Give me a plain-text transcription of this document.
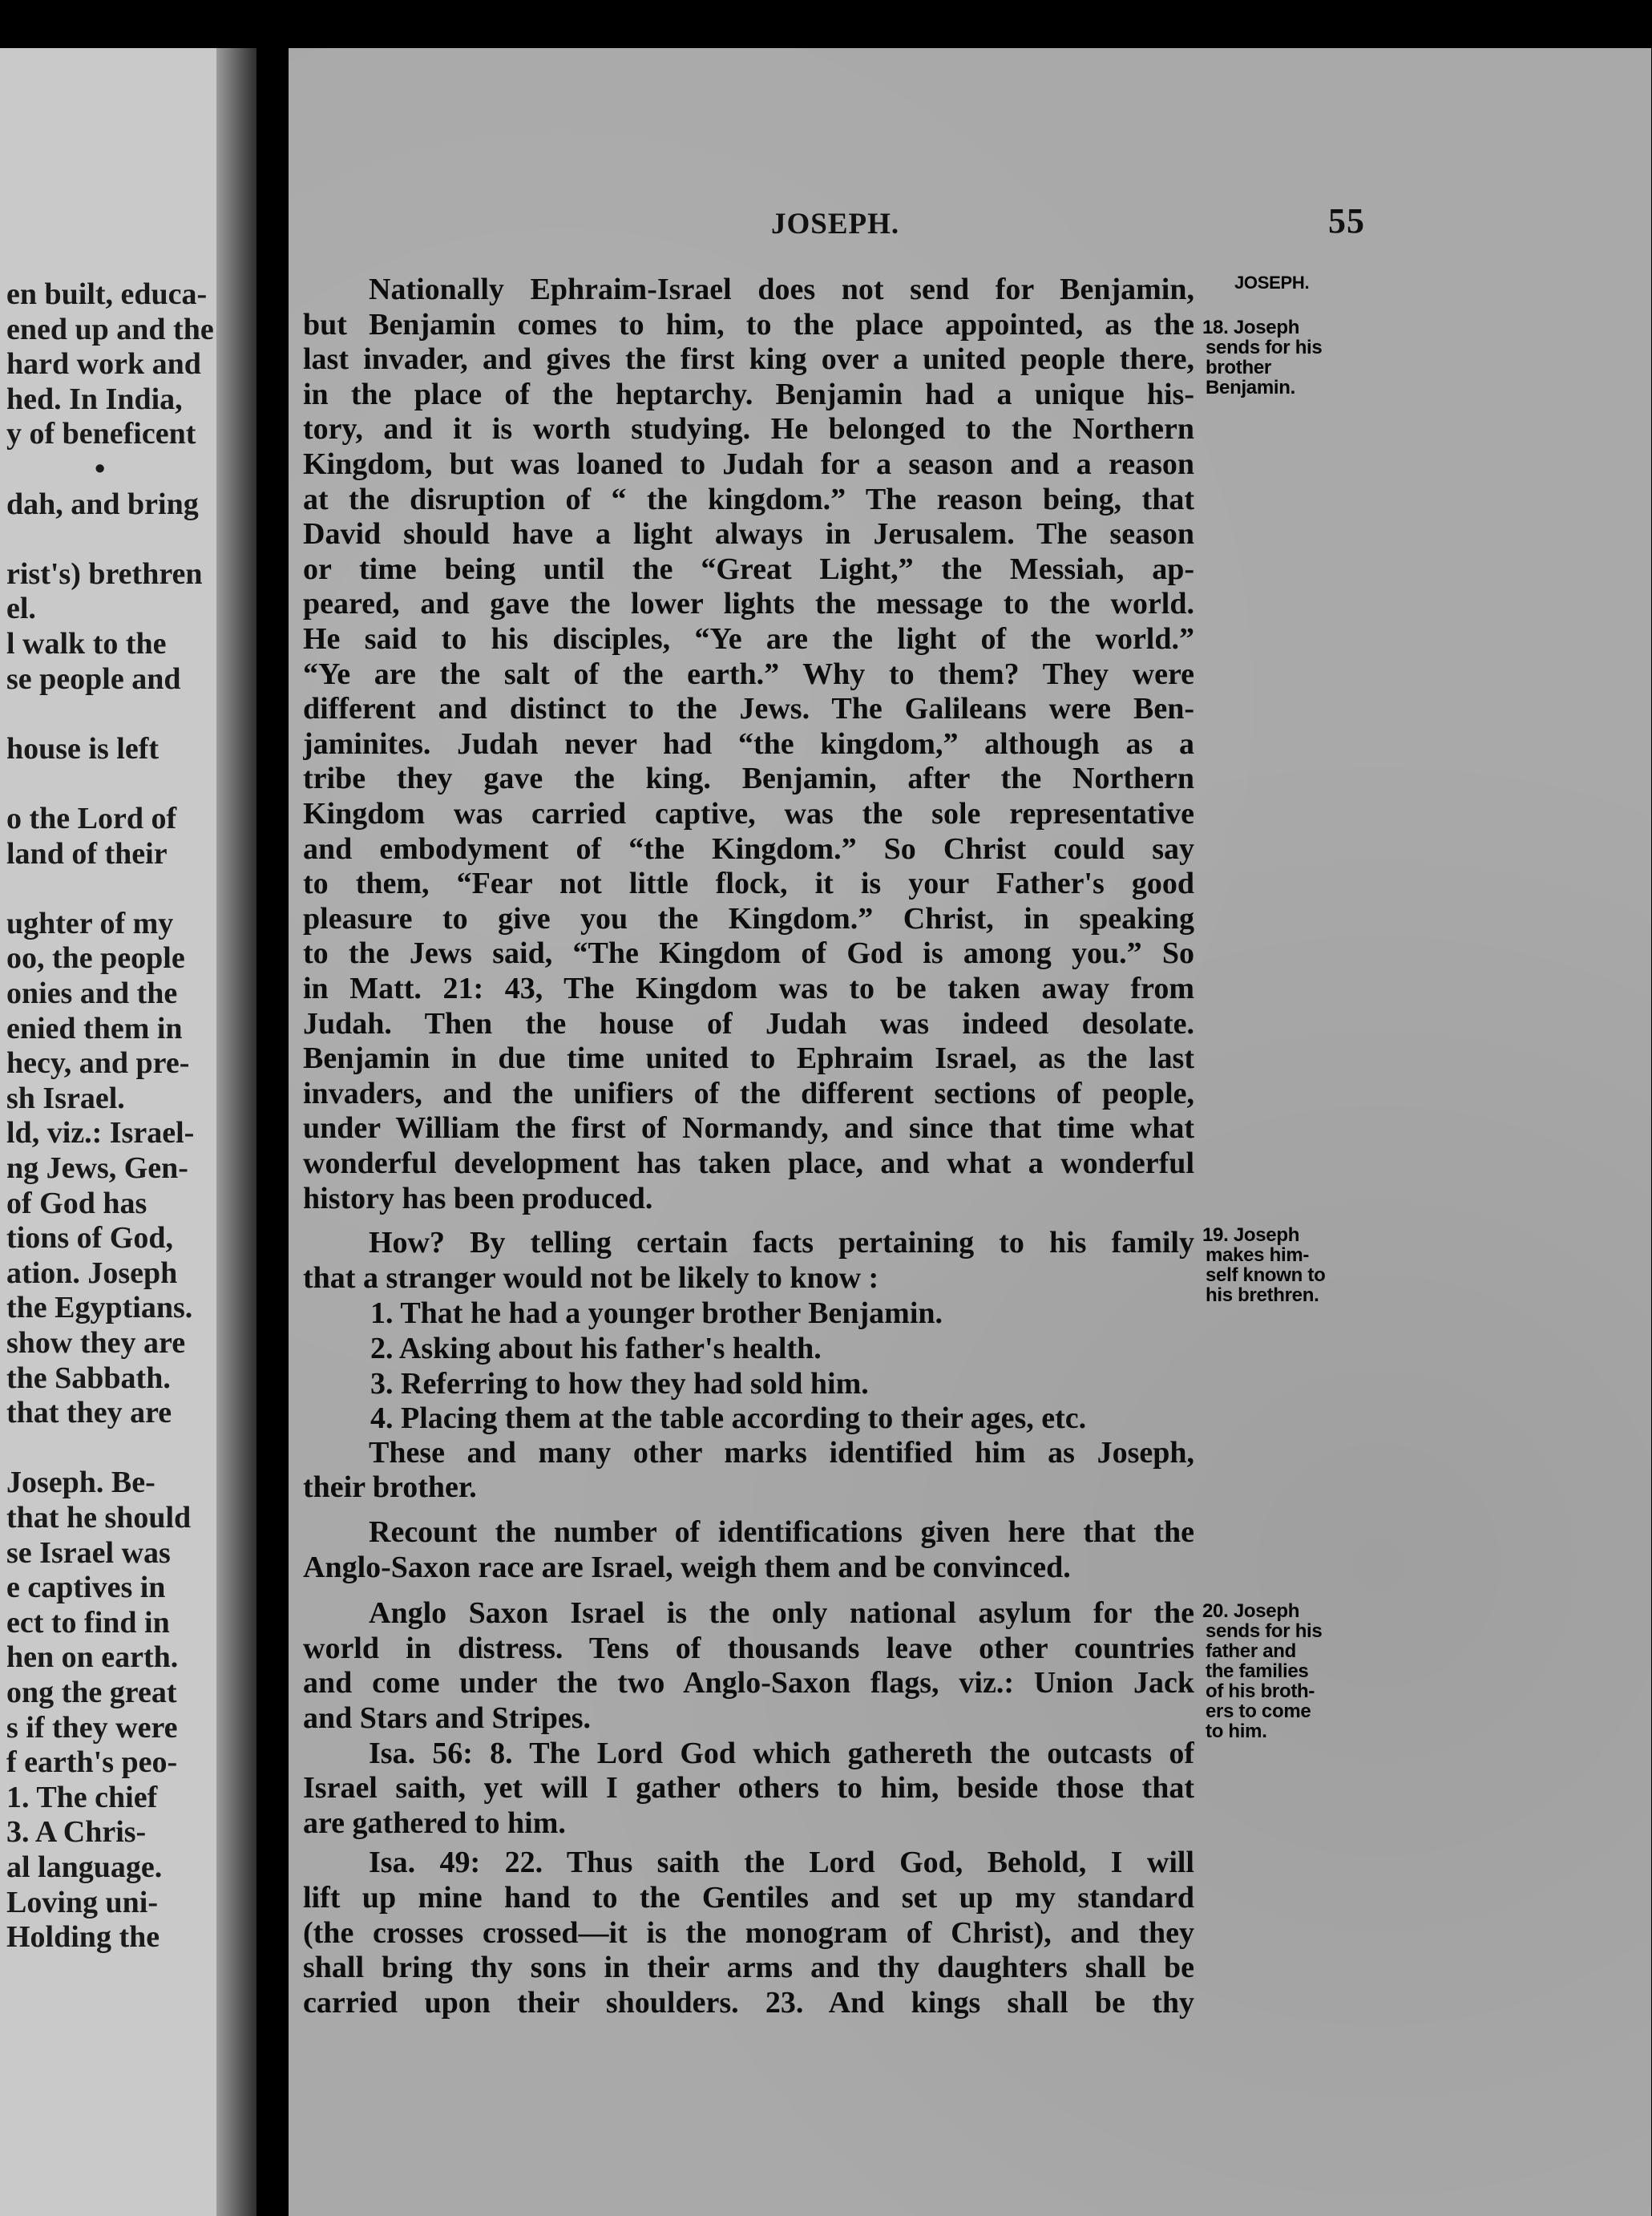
en built, educa-
ened up and the
hard work and
hed. In India,
y of beneficent
•
dah, and bring
rist's) brethren
el.
l walk to the
se people and
house is left
o the Lord of
land of their
ughter of my
oo, the people
onies and the
enied them in
hecy, and pre-
sh Israel.
ld, viz.: Israel-
ng Jews, Gen-
of God has
tions of God,
ation. Joseph
the Egyptians.
show they are
the Sabbath.
that they are
Joseph. Be-
that he should
se Israel was
e captives in
ect to find in
hen on earth.
ong the great
s if they were
f earth's peo-
1. The chief
3. A Chris-
al language.
Loving uni-
Holding the
JOSEPH.	55
Nationally Ephraim-Israel does not send for Benjamin,
but Benjamin comes to him, to the place appointed, as the
last invader, and gives the first king over a united people there,
in the place of the heptarchy. Benjamin had a unique his-
tory, and it is worth studying. He belonged to the Northern
Kingdom, but was loaned to Judah for a season and a reason
at the disruption of “ the kingdom.” The reason being, that
David should have a light always in Jerusalem. The season
or time being until the “Great Light,” the Messiah, ap-
peared, and gave the lower lights the message to the world.
He said to his disciples, “Ye are the light of the world.”
“Ye are the salt of the earth.” Why to them? They were
different and distinct to the Jews. The Galileans were Ben-
jaminites. Judah never had “the kingdom,” although as a
tribe they gave the king. Benjamin, after the Northern
Kingdom was carried captive, was the sole representative
and embodyment of “the Kingdom.” So Christ could say
to them, “Fear not little flock, it is your Father's good
pleasure to give you the Kingdom.” Christ, in speaking
to the Jews said, “The Kingdom of God is among you.” So
in Matt. 21: 43, The Kingdom was to be taken away from
Judah. Then the house of Judah was indeed desolate.
Benjamin in due time united to Ephraim Israel, as the last
invaders, and the unifiers of the different sections of people,
under William the first of Normandy, and since that time what
wonderful development has taken place, and what a wonderful
history has been produced.
How? By telling certain facts pertaining to his family
that a stranger would not be likely to know :
1. That he had a younger brother Benjamin.
2. Asking about his father's health.
3. Referring to how they had sold him.
4. Placing them at the table according to their ages, etc.
These and many other marks identified him as Joseph,
their brother.
Recount the number of identifications given here that the
Anglo-Saxon race are Israel, weigh them and be convinced.
Anglo Saxon Israel is the only national asylum for the
world in distress. Tens of thousands leave other countries
and come under the two Anglo-Saxon flags, viz.: Union Jack
and Stars and Stripes.
Isa. 56: 8. The Lord God which gathereth the outcasts of
Israel saith, yet will I gather others to him, beside those that
are gathered to him.
Isa. 49: 22. Thus saith the Lord God, Behold, I will
lift up mine hand to the Gentiles and set up my standard
(the crosses crossed—it is the monogram of Christ), and they
shall bring thy sons in their arms and thy daughters shall be
carried upon their shoulders. 23. And kings shall be thy
JOSEPH.
18. Joseph
sends for his
brother
Benjamin.
19. Joseph
makes him-
self known to
his brethren.
20. Joseph
sends for his
father and
the families
of his broth-
ers to come
to him.
